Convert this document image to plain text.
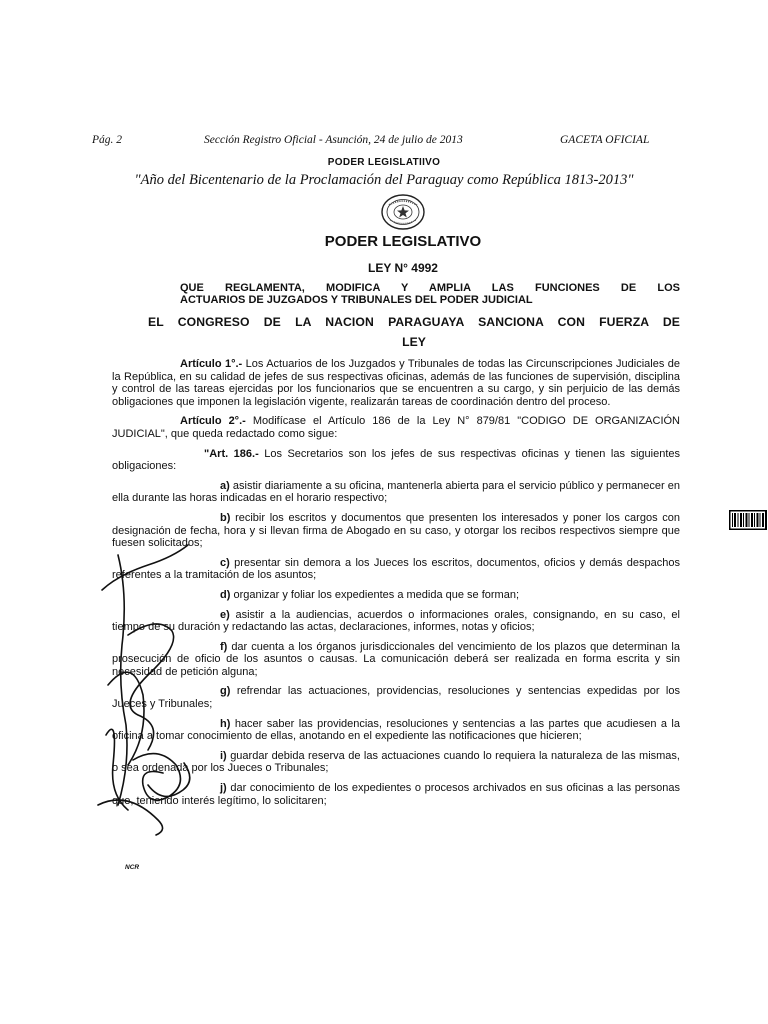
Pág. 2	Sección Registro Oficial - Asunción, 24 de julio de 2013	GACETA OFICIAL
PODER LEGISLATIIVO
"Año del Bicentenario de la Proclamación del Paraguay como República 1813-2013"
PODER LEGISLATIVO
LEY N° 4992
QUE REGLAMENTA, MODIFICA Y AMPLIA LAS FUNCIONES DE LOS
ACTUARIOS DE JUZGADOS Y TRIBUNALES DEL PODER JUDICIAL
EL CONGRESO DE LA NACION PARAGUAYA SANCIONA CON FUERZA DE
LEY

Artículo 1°.- Los Actuarios de los Juzgados y Tribunales de todas las Circunscripciones Judiciales de la República, en su calidad de jefes de sus respectivas oficinas, además de las funciones de supervisión, disciplina y control de las tareas ejercidas por los funcionarios que se encuentren a su cargo, y sin perjuicio de las demás obligaciones que imponen la legislación vigente, realizarán tareas de coordinación dentro del proceso.

Artículo 2°.- Modifícase el Artículo 186 de la Ley N° 879/81 "CODIGO DE ORGANIZACIÓN JUDICIAL", que queda redactado como sigue:

"Art. 186.- Los Secretarios son los jefes de sus respectivas oficinas y tienen las siguientes obligaciones:

a) asistir diariamente a su oficina, mantenerla abierta para el servicio público y permanecer en ella durante las horas indicadas en el horario respectivo;

b) recibir los escritos y documentos que presenten los interesados y poner los cargos con designación de fecha, hora y si llevan firma de Abogado en su caso, y otorgar los recibos respectivos siempre que fuesen solicitados;

c) presentar sin demora a los Jueces los escritos, documentos, oficios y demás despachos referentes a la tramitación de los asuntos;

d) organizar y foliar los expedientes a medida que se forman;

e) asistir a la audiencias, acuerdos o informaciones orales, consignando, en su caso, el tiempo de su duración y redactando las actas, declaraciones, informes, notas y oficios;

f) dar cuenta a los órganos jurisdiccionales del vencimiento de los plazos que determinan la prosecución de oficio de los asuntos o causas. La comunicación deberá ser realizada en forma escrita y sin necesidad de petición alguna;

g) refrendar las actuaciones, providencias, resoluciones y sentencias expedidas por los Jueces y Tribunales;

h) hacer saber las providencias, resoluciones y sentencias a las partes que acudiesen a la oficina a tomar conocimiento de ellas, anotando en el expediente las notificaciones que hicieren;

i) guardar debida reserva de las actuaciones cuando lo requiera la naturaleza de las mismas, o sea ordenada por los Jueces o Tribunales;

j) dar conocimiento de los expedientes o procesos archivados en sus oficinas a las personas que, teniendo interés legítimo, lo solicitaren;

NCR
